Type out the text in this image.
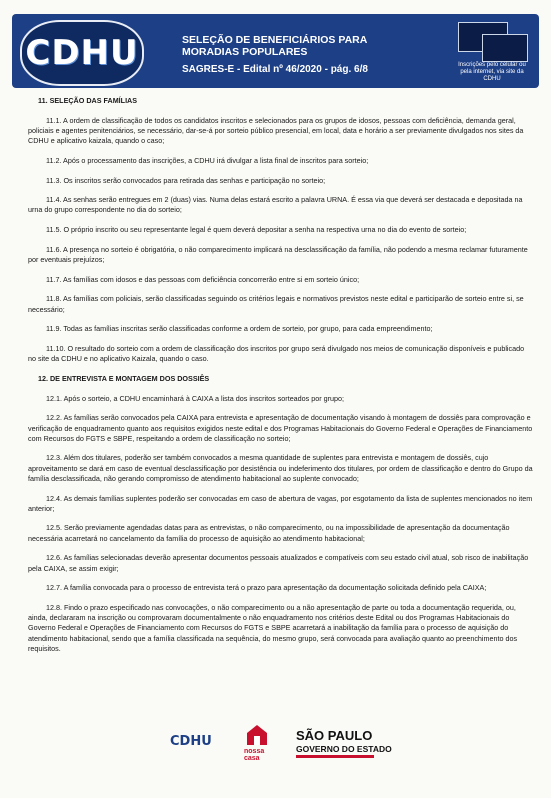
CDHU	SELEÇÃO DE BENEFICIÁRIOS PARA MORADIAS POPULARES
SAGRES-E - Edital nº 46/2020 - pág. 6/8	Inscrições pelo celular ou pela internet, via site da CDHU

11. SELEÇÃO DAS FAMÍLIAS

11.1. A ordem de classificação de todos os candidatos inscritos e selecionados para os grupos de idosos, pessoas com deficiência, demanda geral, policiais e agentes penitenciários, se necessário, dar-se-á por sorteio público presencial, em local, data e horário a ser previamente divulgados nos sites da CDHU e aplicativo kaizala, quando o caso;

11.2. Após o processamento das inscrições, a CDHU irá divulgar a lista final de inscritos para sorteio;

11.3. Os inscritos serão convocados para retirada das senhas e participação no sorteio;

11.4. As senhas serão entregues em 2 (duas) vias. Numa delas estará escrito a palavra URNA. É essa via que deverá ser destacada e depositada na urna do grupo correspondente no dia do sorteio;

11.5. O próprio inscrito ou seu representante legal é quem deverá depositar a senha na respectiva urna no dia do evento de sorteio;

11.6. A presença no sorteio é obrigatória, o não comparecimento implicará na desclassificação da família, não podendo a mesma reclamar futuramente por eventuais prejuízos;

11.7. As famílias com idosos e das pessoas com deficiência concorrerão entre si em sorteio único;

11.8. As famílias com policiais, serão classificadas seguindo os critérios legais e normativos previstos neste edital e participarão de sorteio entre si, se necessário;

11.9. Todas as famílias inscritas serão classificadas conforme a ordem de sorteio, por grupo, para cada empreendimento;

11.10. O resultado do sorteio com a ordem de classificação dos inscritos por grupo será divulgado nos meios de comunicação disponíveis e publicado no site da CDHU e no aplicativo Kaizala, quando o caso.

12. DE ENTREVISTA E MONTAGEM DOS DOSSIÊS

12.1. Após o sorteio, a CDHU encaminhará à CAIXA a lista dos inscritos sorteados por grupo;

12.2. As famílias serão convocados pela CAIXA para entrevista e apresentação de documentação visando à montagem de dossiês para comprovação e verificação de enquadramento quanto aos requisitos exigidos neste edital e dos Programas Habitacionais do Governo Federal e Operações de Financiamento com Recursos do FGTS e SBPE, respeitando a ordem de classificação no sorteio;

12.3. Além dos titulares, poderão ser também convocados a mesma quantidade de suplentes para entrevista e montagem de dossiês, cujo aproveitamento se dará em caso de eventual desclassificação por desistência ou indeferimento dos titulares, por ordem de classificação e dentro do Grupo da família desclassificada, não gerando compromisso de atendimento habitacional ao suplente convocado;

12.4. As demais famílias suplentes poderão ser convocadas em caso de abertura de vagas, por esgotamento da lista de suplentes mencionados no item anterior;

12.5. Serão previamente agendadas datas para as entrevistas, o não comparecimento, ou na impossibilidade de apresentação da documentação necessária acarretará no cancelamento da família do processo de aquisição ao atendimento habitacional;

12.6. As famílias selecionadas deverão apresentar documentos pessoais atualizados e compatíveis com seu estado civil atual, sob risco de inabilitação pela CAIXA, se assim exigir;

12.7. A família convocada para o processo de entrevista terá o prazo para apresentação da documentação solicitada definido pela CAIXA;

12.8. Findo o prazo especificado nas convocações, o não comparecimento ou a não apresentação de parte ou toda a documentação requerida, ou, ainda, declararam na inscrição ou comprovaram documentalmente o não enquadramento nos critérios deste Edital ou dos Programas Habitacionais do Governo Federal e Operações de Financiamento com Recursos do FGTS e SBPE acarretará a inabilitação da família para o processo de aquisição do atendimento habitacional, sendo que a família classificada na sequência, do mesmo grupo, será convocada para avaliação quanto ao preenchimento dos requisitos.

CDHU
nossa
casa
SÃO PAULO
GOVERNO DO ESTADO
